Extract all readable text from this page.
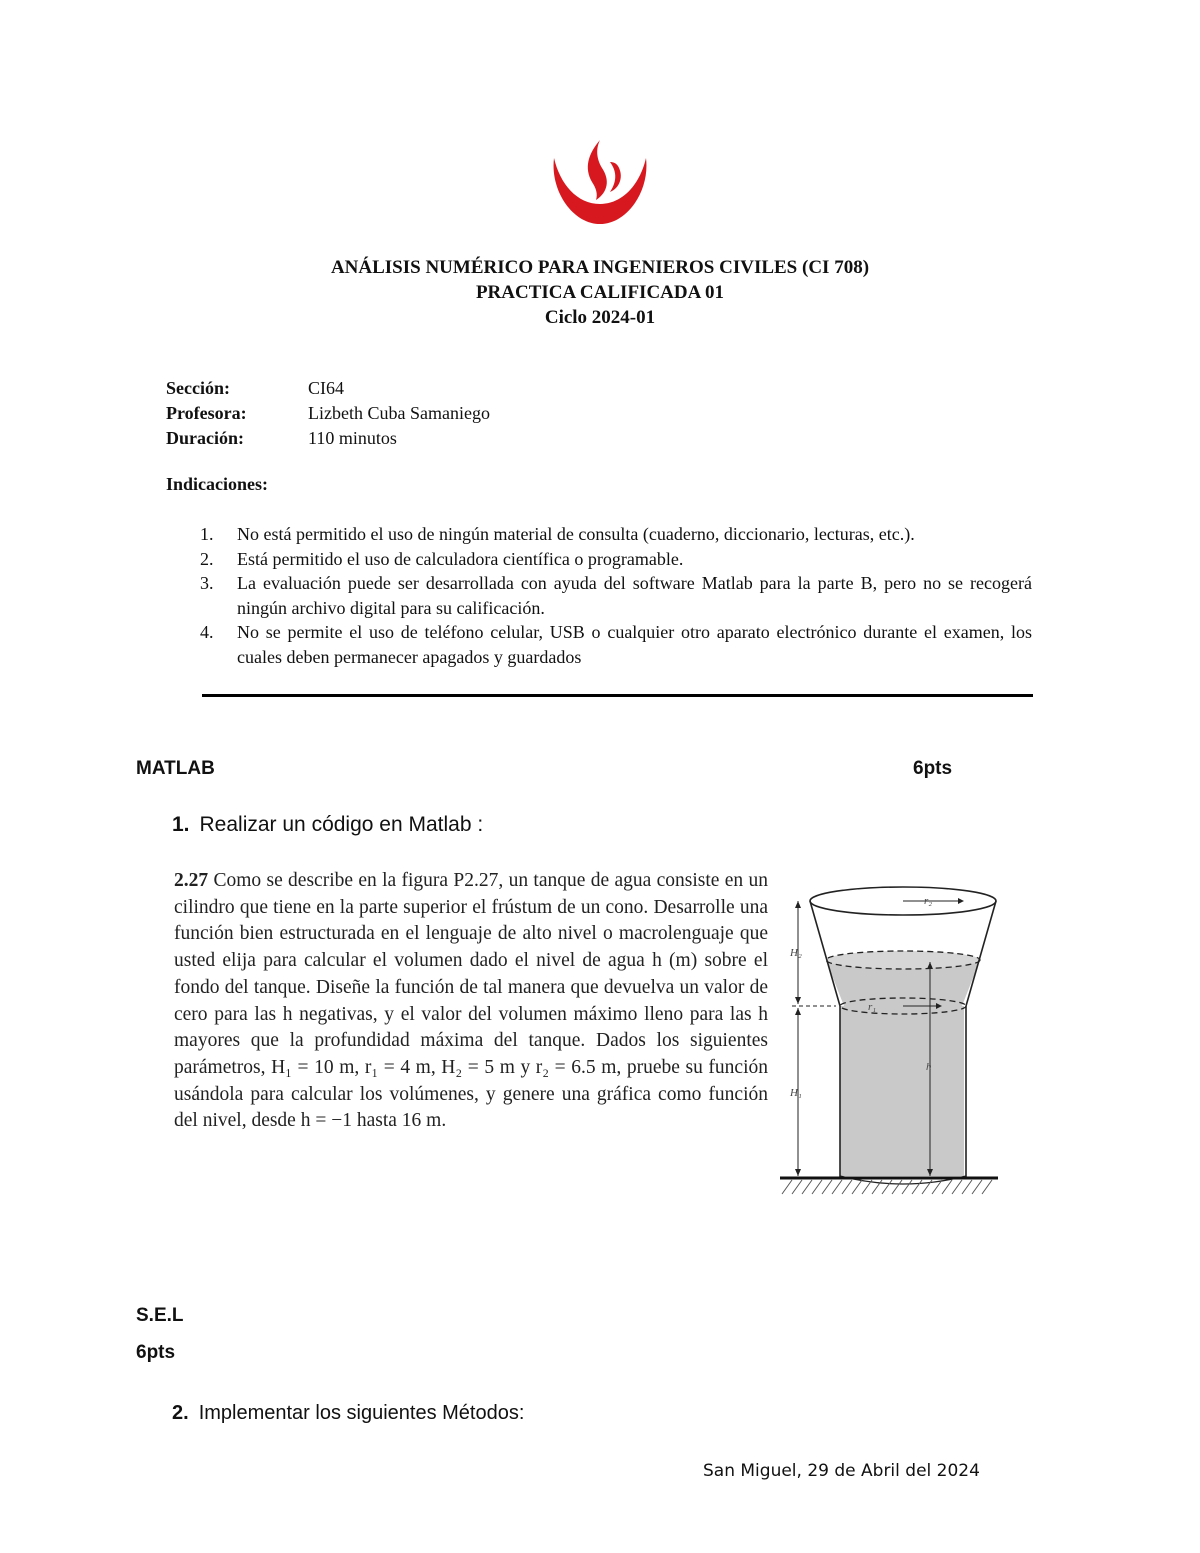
ANÁLISIS NUMÉRICO PARA INGENIEROS CIVILES (CI 708)
PRACTICA CALIFICADA 01
Ciclo 2024-01
Sección:	CI64
Profesora:	Lizbeth Cuba Samaniego
Duración:	110 minutos
Indicaciones:
1.	No está permitido el uso de ningún material de consulta (cuaderno, diccionario, lecturas, etc.).
2.	Está permitido el uso de calculadora científica o programable.
3.	La evaluación puede ser desarrollada con ayuda del software Matlab para la parte B, pero no se recogerá ningún archivo digital para su calificación.
4.	No se permite el uso de teléfono celular, USB o cualquier otro aparato electrónico durante el examen, los cuales deben permanecer apagados y guardados
MATLAB	6pts
1. Realizar un código en Matlab :
2.27 Como se describe en la figura P2.27, un tanque de agua consiste en un cilindro que tiene en la parte superior el frústum de un cono. Desarrolle una función bien estructurada en el lenguaje de alto nivel o macrolenguaje que usted elija para calcular el volumen dado el nivel de agua h (m) sobre el fondo del tanque. Diseñe la función de tal manera que devuelva un valor de cero para las h negativas, y el valor del volumen máximo lleno para las h mayores que la profundidad máxima del tanque. Dados los siguientes parámetros, H₁ = 10 m, r₁ = 4 m, H₂ = 5 m y r₂ = 6.5 m, pruebe su función usándola para calcular los volúmenes, y genere una gráfica como función del nivel, desde h = −1 hasta 16 m.
r₂
r₁
H₂
H₁
h
S.E.L
6pts
2. Implementar los siguientes Métodos:
San Miguel, 29 de Abril del 2024
